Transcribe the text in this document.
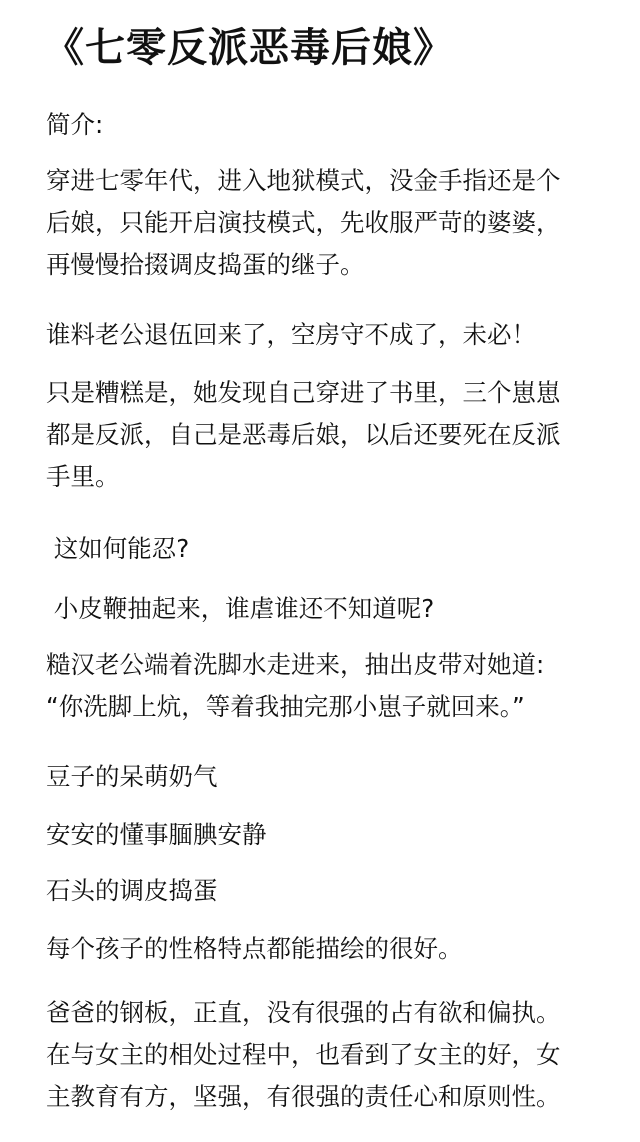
《七零反派恶毒后娘》
简介:
穿进七零年代，进入地狱模式，没金手指还是个
后娘，只能开启演技模式，先收服严苛的婆婆，
再慢慢拾掇调皮捣蛋的继子。
谁料老公退伍回来了，空房守不成了，未必！
只是糟糕是，她发现自己穿进了书里，三个崽崽
都是反派，自己是恶毒后娘，以后还要死在反派
手里。
这如何能忍?
小皮鞭抽起来，谁虐谁还不知道呢?
糙汉老公端着洗脚水走进来，抽出皮带对她道:
“你洗脚上炕，等着我抽完那小崽子就回来。”
豆子的呆萌奶气
安安的懂事腼腆安静
石头的调皮捣蛋
每个孩子的性格特点都能描绘的很好。
爸爸的钢板，正直，没有很强的占有欲和偏执。
在与女主的相处过程中，也看到了女主的好，女
主教育有方，坚强，有很强的责任心和原则性。
